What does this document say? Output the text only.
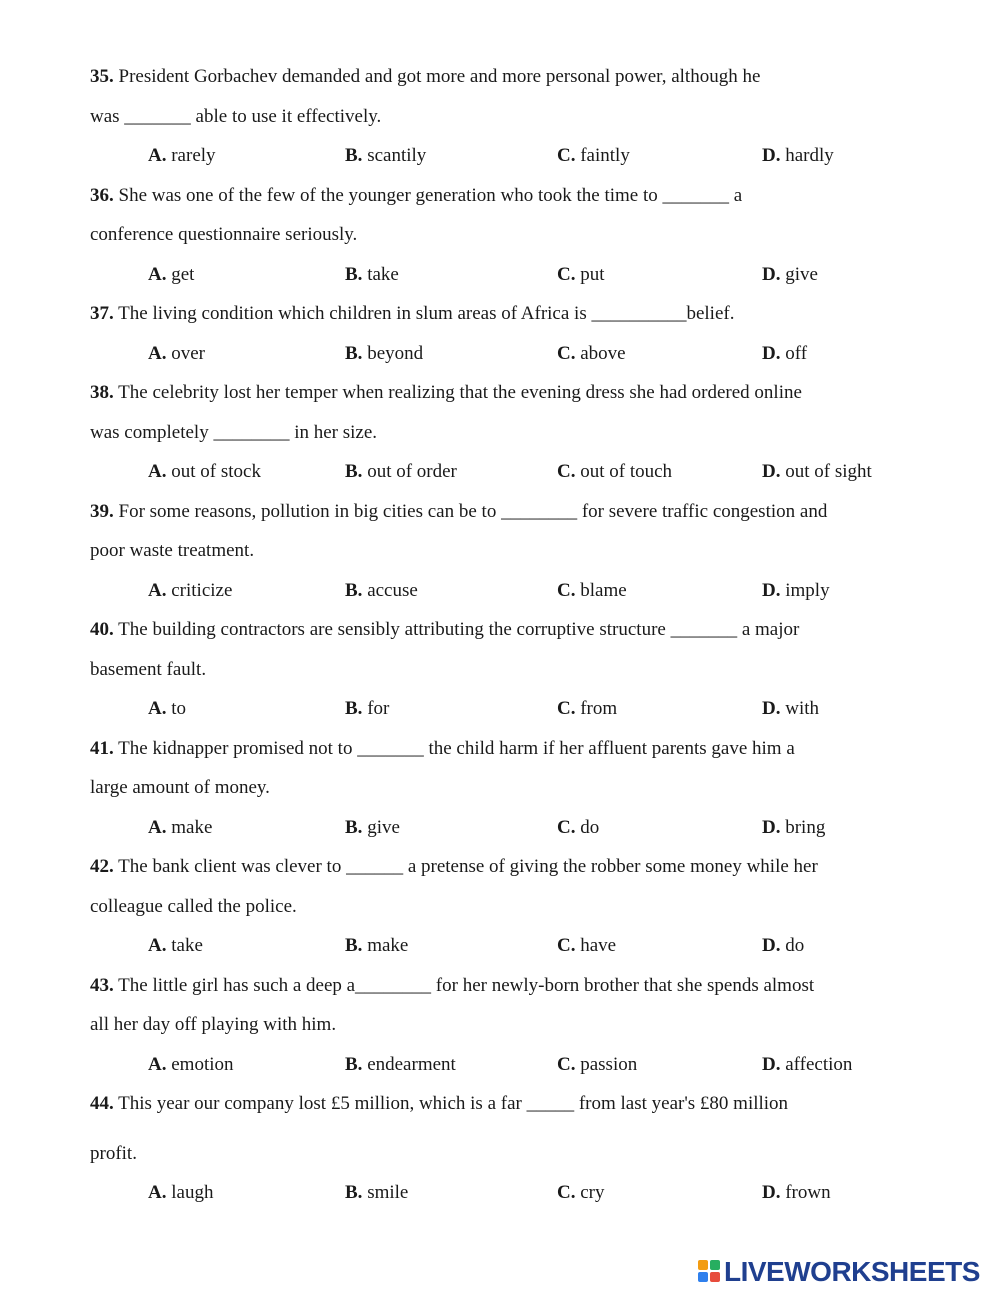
35. President Gorbachev demanded and got more and more personal power, although he
was _______ able to use it effectively.
A. rarely	B. scantily	C. faintly	D. hardly
36. She was one of the few of the younger generation who took the time to _______ a
conference questionnaire seriously.
A. get	B. take	C. put	D. give
37. The living condition which children in slum areas of Africa is __________belief.
A. over	B. beyond	C. above	D. off
38. The celebrity lost her temper when realizing that the evening dress she had ordered online
was completely ________ in her size.
A. out of stock	B. out of order	C. out of touch	D. out of sight
39. For some reasons, pollution in big cities can be to ________ for severe traffic congestion and
poor waste treatment.
A. criticize	B. accuse	C. blame	D. imply
40. The building contractors are sensibly attributing the corruptive structure _______ a major
basement fault.
A. to	B. for	C. from	D. with
41. The kidnapper promised not to _______ the child harm if her affluent parents gave him a
large amount of money.
A. make	B. give	C. do	D. bring
42. The bank client was clever to ______ a pretense of giving the robber some money while her
colleague called the police.
A. take	B. make	C. have	D. do
43. The little girl has such a deep a________ for her newly-born brother that she spends almost
all her day off playing with him.
A. emotion	B. endearment	C. passion	D. affection
44. This year our company lost £5 million, which is a far _____ from last year's £80 million
profit.
A. laugh	B. smile	C. cry	D. frown
LIVEWORKSHEETS
